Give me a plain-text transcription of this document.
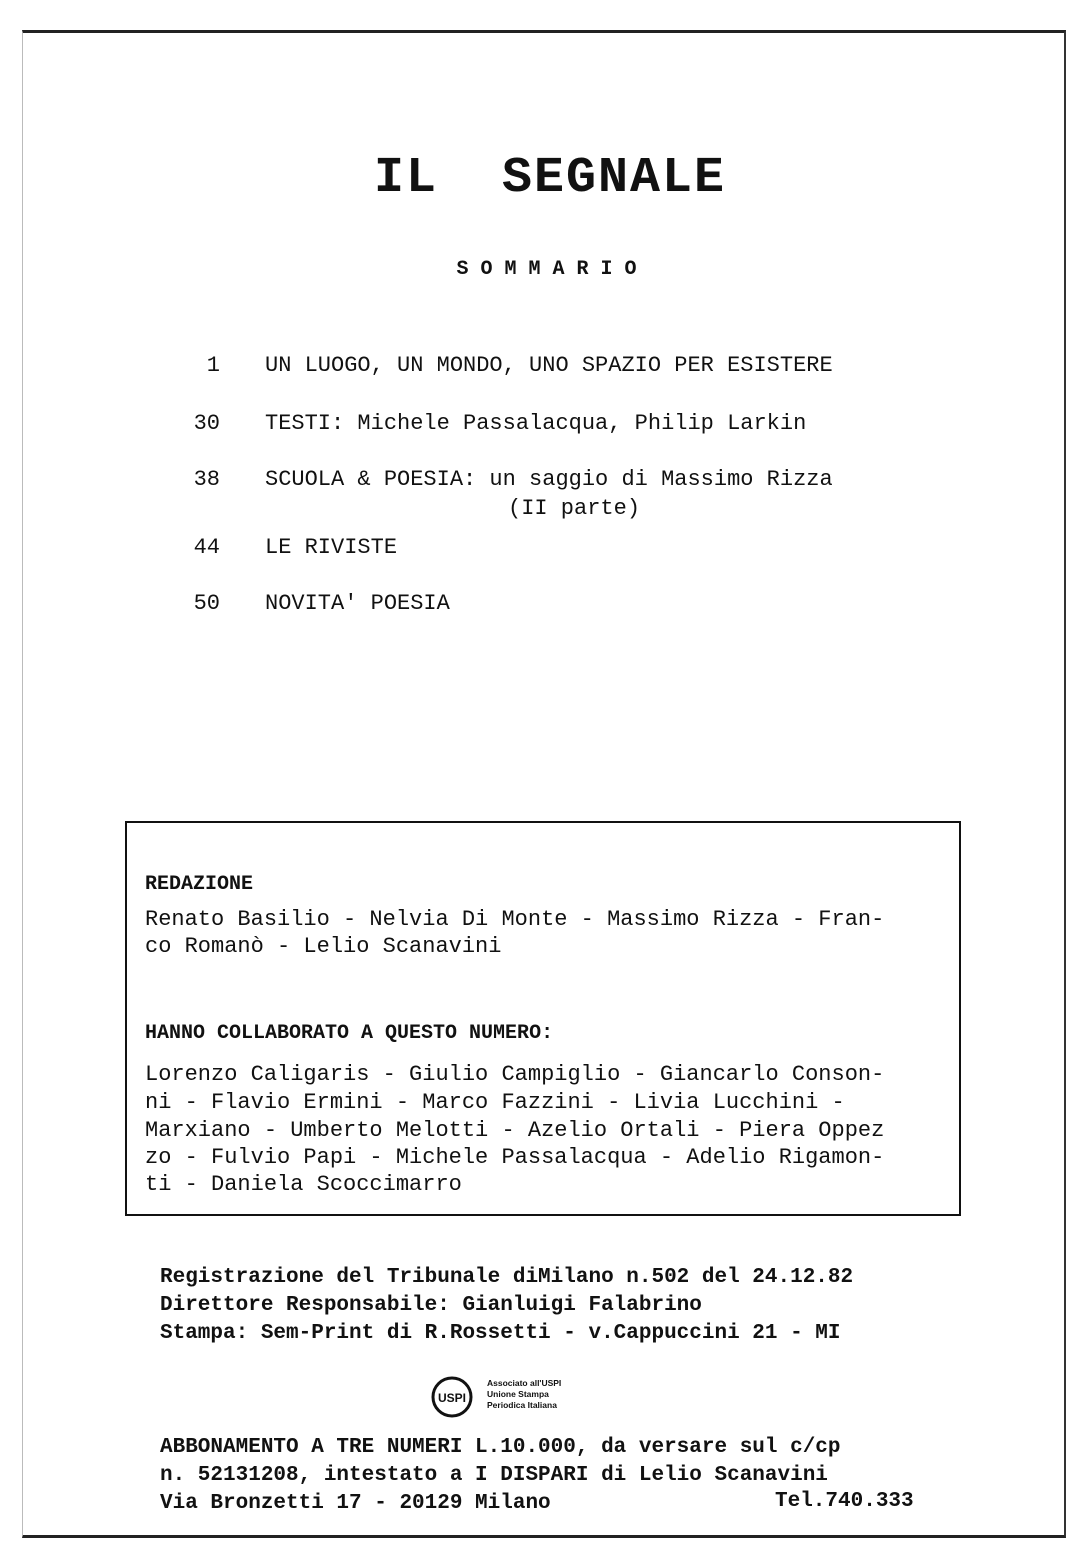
IL  SEGNALE
SOMMARIO
1 UN LUOGO, UN MONDO, UNO SPAZIO PER ESISTERE
30 TESTI: Michele Passalacqua, Philip Larkin
38 SCUOLA & POESIA: un saggio di Massimo Rizza
(II parte)
44 LE RIVISTE
50 NOVITA' POESIA
REDAZIONE
Renato Basilio - Nelvia Di Monte - Massimo Rizza - Fran-
co Romanò - Lelio Scanavini
HANNO COLLABORATO A QUESTO NUMERO:
Lorenzo Caligaris - Giulio Campiglio - Giancarlo Conson-
ni - Flavio Ermini - Marco Fazzini - Livia Lucchini -
Marxiano - Umberto Melotti - Azelio Ortali - Piera Oppez
zo - Fulvio Papi - Michele Passalacqua - Adelio Rigamon-
ti - Daniela Scoccimarro
Registrazione del Tribunale diMilano n.502 del 24.12.82
Direttore Responsabile: Gianluigi Falabrino
Stampa: Sem-Print di R.Rossetti - v.Cappuccini 21 - MI
USPI
Associato all'USPI
Unione Stampa
Periodica Italiana
ABBONAMENTO A TRE NUMERI L.10.000, da versare sul c/cp
n. 52131208, intestato a I DISPARI di Lelio Scanavini
Via Bronzetti 17 - 20129 Milano	Tel.740.333
